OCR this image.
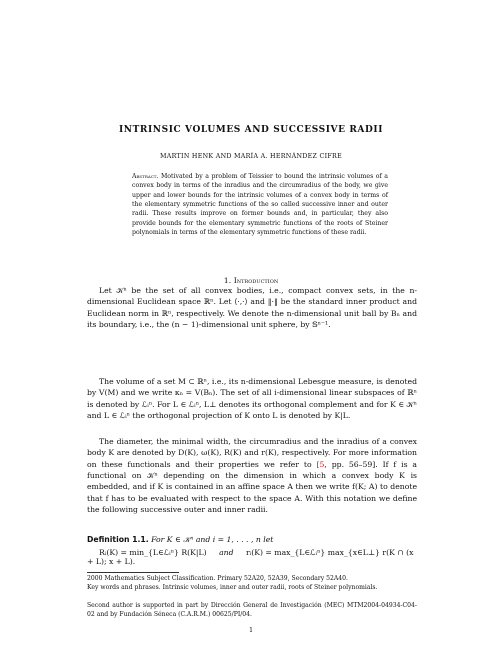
INTRINSIC VOLUMES AND SUCCESSIVE RADII
MARTIN HENK AND MARÍA A. HERNÁNDEZ CIFRE
Abstract. Motivated by a problem of Teissier to bound the intrinsic volumes of a convex body in terms of the inradius and the circumradius of the body, we give upper and lower bounds for the intrinsic volumes of a convex body in terms of the elementary symmetric functions of the so called successive inner and outer radii. These results improve on former bounds and, in particular, they also provide bounds for the elementary symmetric functions of the roots of Steiner polynomials in terms of the elementary symmetric functions of these radii.
1. Introduction

Let 𝒦ⁿ be the set of all convex bodies, i.e., compact convex sets, in the n-dimensional Euclidean space ℝⁿ. Let ⟨·,·⟩ and ‖·‖ be the standard inner product and Euclidean norm in ℝⁿ, respectively. We denote the n-dimensional unit ball by Bₙ and its boundary, i.e., the (n − 1)-dimensional unit sphere, by 𝕊ⁿ⁻¹.

The volume of a set M ⊂ ℝⁿ, i.e., its n-dimensional Lebesgue measure, is denoted by V(M) and we write κₙ = V(Bₙ). The set of all i-dimensional linear subspaces of ℝⁿ is denoted by ℒᵢⁿ. For L ∈ ℒᵢⁿ, L⊥ denotes its orthogonal complement and for K ∈ 𝒦ⁿ and L ∈ ℒᵢⁿ the orthogonal projection of K onto L is denoted by K|L.

The diameter, the minimal width, the circumradius and the inradius of a convex body K are denoted by D(K), ω(K), R(K) and r(K), respectively. For more information on these functionals and their properties we refer to [5, pp. 56–59]. If f is a functional on 𝒦ⁿ depending on the dimension in which a convex body K is embedded, and if K is contained in an affine space A then we write f(K; A) to denote that f has to be evaluated with respect to the space A. With this notation we define the following successive outer and inner radii.

Definition 1.1. For K ∈ 𝒦ⁿ and i = 1, . . . , n let
Rᵢ(K) = min_{L∈ℒᵢⁿ} R(K|L) and rᵢ(K) = max_{L∈ℒᵢⁿ} max_{x∈L⊥} r(K ∩ (x + L); x + L).
2000 Mathematics Subject Classification. Primary 52A20, 52A39, Secondary 52A40.
Key words and phrases. Intrinsic volumes, inner and outer radii, roots of Steiner polynomials.
Second author is supported in part by Dirección General de Investigación (MEC) MTM2004-04934-C04-02 and by Fundación Séneca (C.A.R.M.) 00625/PI/04.
1
